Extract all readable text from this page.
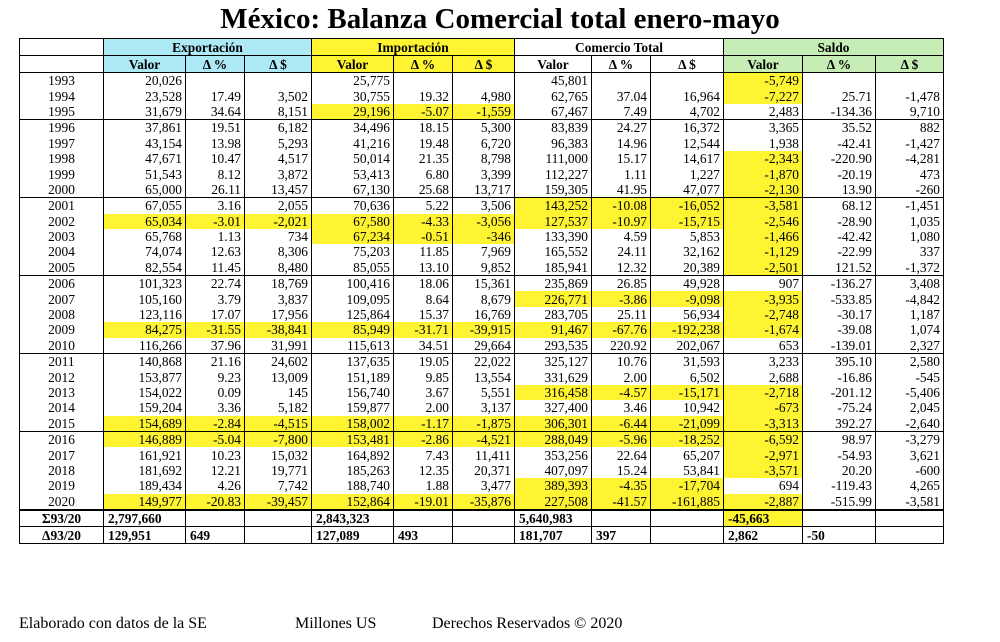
México: Balanza Comercial total enero-mayo
	Exportación			Importación			Comercio Total			Saldo		
	Valor	Δ %	Δ $	Valor	Δ %	Δ $	Valor	Δ %	Δ $	Valor	Δ %	Δ $
1993	20,026			25,775			45,801			-5,749		
1994	23,528	17.49	3,502	30,755	19.32	4,980	62,765	37.04	16,964	-7,227	25.71	-1,478
1995	31,679	34.64	8,151	29,196	-5.07	-1,559	67,467	7.49	4,702	2,483	-134.36	9,710
1996	37,861	19.51	6,182	34,496	18.15	5,300	83,839	24.27	16,372	3,365	35.52	882
1997	43,154	13.98	5,293	41,216	19.48	6,720	96,383	14.96	12,544	1,938	-42.41	-1,427
1998	47,671	10.47	4,517	50,014	21.35	8,798	111,000	15.17	14,617	-2,343	-220.90	-4,281
1999	51,543	8.12	3,872	53,413	6.80	3,399	112,227	1.11	1,227	-1,870	-20.19	473
2000	65,000	26.11	13,457	67,130	25.68	13,717	159,305	41.95	47,077	-2,130	13.90	-260
2001	67,055	3.16	2,055	70,636	5.22	3,506	143,252	-10.08	-16,052	-3,581	68.12	-1,451
2002	65,034	-3.01	-2,021	67,580	-4.33	-3,056	127,537	-10.97	-15,715	-2,546	-28.90	1,035
2003	65,768	1.13	734	67,234	-0.51	-346	133,390	4.59	5,853	-1,466	-42.42	1,080
2004	74,074	12.63	8,306	75,203	11.85	7,969	165,552	24.11	32,162	-1,129	-22.99	337
2005	82,554	11.45	8,480	85,055	13.10	9,852	185,941	12.32	20,389	-2,501	121.52	-1,372
2006	101,323	22.74	18,769	100,416	18.06	15,361	235,869	26.85	49,928	907	-136.27	3,408
2007	105,160	3.79	3,837	109,095	8.64	8,679	226,771	-3.86	-9,098	-3,935	-533.85	-4,842
2008	123,116	17.07	17,956	125,864	15.37	16,769	283,705	25.11	56,934	-2,748	-30.17	1,187
2009	84,275	-31.55	-38,841	85,949	-31.71	-39,915	91,467	-67.76	-192,238	-1,674	-39.08	1,074
2010	116,266	37.96	31,991	115,613	34.51	29,664	293,535	220.92	202,067	653	-139.01	2,327
2011	140,868	21.16	24,602	137,635	19.05	22,022	325,127	10.76	31,593	3,233	395.10	2,580
2012	153,877	9.23	13,009	151,189	9.85	13,554	331,629	2.00	6,502	2,688	-16.86	-545
2013	154,022	0.09	145	156,740	3.67	5,551	316,458	-4.57	-15,171	-2,718	-201.12	-5,406
2014	159,204	3.36	5,182	159,877	2.00	3,137	327,400	3.46	10,942	-673	-75.24	2,045
2015	154,689	-2.84	-4,515	158,002	-1.17	-1,875	306,301	-6.44	-21,099	-3,313	392.27	-2,640
2016	146,889	-5.04	-7,800	153,481	-2.86	-4,521	288,049	-5.96	-18,252	-6,592	98.97	-3,279
2017	161,921	10.23	15,032	164,892	7.43	11,411	353,256	22.64	65,207	-2,971	-54.93	3,621
2018	181,692	12.21	19,771	185,263	12.35	20,371	407,097	15.24	53,841	-3,571	20.20	-600
2019	189,434	4.26	7,742	188,740	1.88	3,477	389,393	-4.35	-17,704	694	-119.43	4,265
2020	149,977	-20.83	-39,457	152,864	-19.01	-35,876	227,508	-41.57	-161,885	-2,887	-515.99	-3,581
Σ93/20	2,797,660			2,843,323			5,640,983			-45,663		
Δ93/20	129,951	649		127,089	493		181,707	397		2,862	-50	
Elaborado con datos de la SE	Millones US	Derechos Reservados © 2020
